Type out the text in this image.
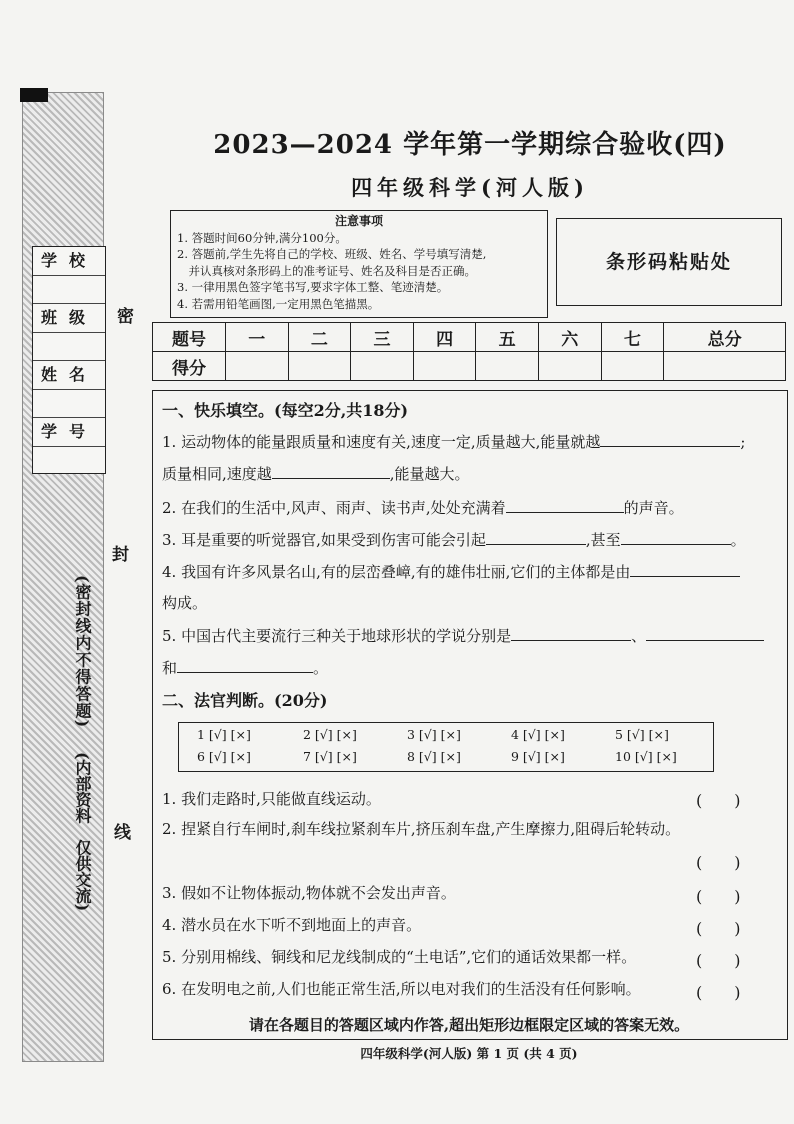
学校
班级
姓名
学号
密
封
线
(密封线内不得答题)
(内部资料　仅供交流)
2023—2024 学年第一学期综合验收(四)
四年级科学(河人版)
注意事项
1. 答题时间60分钟,满分100分。
2. 答题前,学生先将自己的学校、班级、姓名、学号填写清楚,
　并认真核对条形码上的准考证号、姓名及科目是否正确。
3. 一律用黑色签字笔书写,要求字体工整、笔迹清楚。
4. 若需用铅笔画图,一定用黑色笔描黑。
条形码粘贴处
题号	一	二	三	四	五	六	七	总分
得分								
一、快乐填空。(每空2分,共18分)
1. 运动物体的能量跟质量和速度有关,速度一定,质量越大,能量就越	;
质量相同,速度越	,能量越大。
2. 在我们的生活中,风声、雨声、读书声,处处充满着	的声音。
3. 耳是重要的听觉器官,如果受到伤害可能会引起	,甚至	。
4. 我国有许多风景名山,有的层峦叠嶂,有的雄伟壮丽,它们的主体都是由
构成。
5. 中国古代主要流行三种关于地球形状的学说分别是	、
和	。
二、法官判断。(20分)
1 [√] [×]	2 [√] [×]	3 [√] [×]	4 [√] [×]	5 [√] [×]
6 [√] [×]	7 [√] [×]	8 [√] [×]	9 [√] [×]	10 [√] [×]
1. 我们走路时,只能做直线运动。	(　　)
2. 捏紧自行车闸时,刹车线拉紧刹车片,挤压刹车盘,产生摩擦力,阻碍后轮转动。
(　　)
3. 假如不让物体振动,物体就不会发出声音。	(　　)
4. 潜水员在水下听不到地面上的声音。	(　　)
5. 分别用棉线、铜线和尼龙线制成的“土电话”,它们的通话效果都一样。	(　　)
6. 在发明电之前,人们也能正常生活,所以电对我们的生活没有任何影响。	(　　)
请在各题目的答题区域内作答,超出矩形边框限定区域的答案无效。
四年级科学(河人版) 第 1 页 (共 4 页)
